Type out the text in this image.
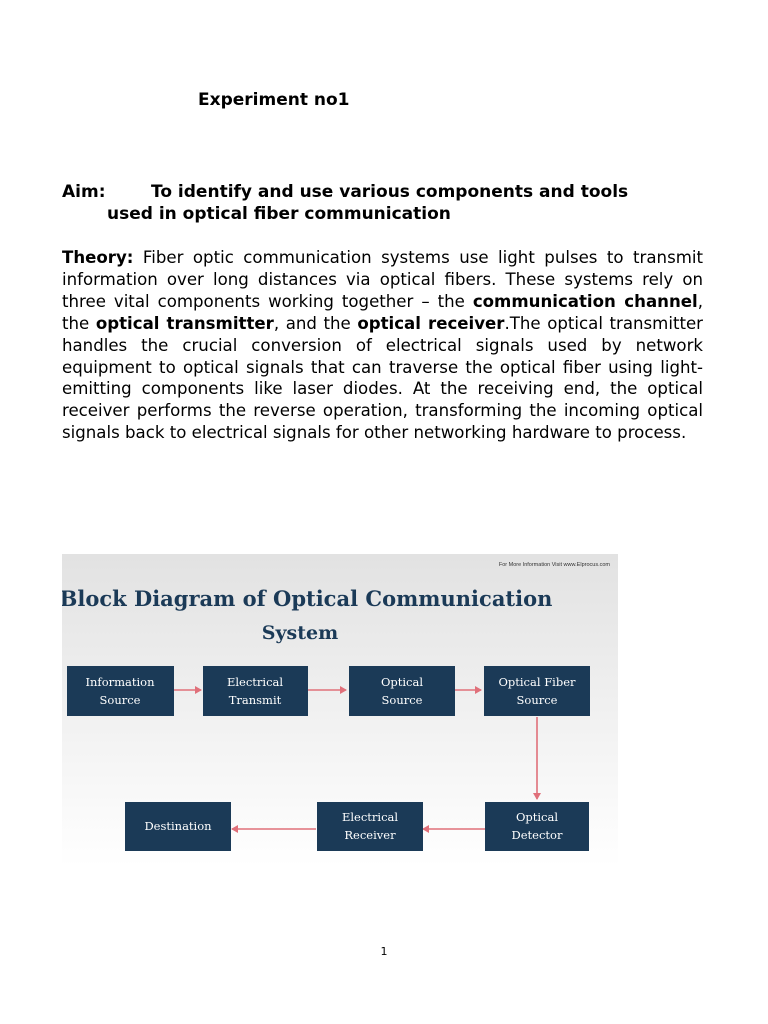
Experiment no1
Aim:	To identify and use various components and tools
used in optical fiber communication

Theory: Fiber optic communication systems use light pulses to transmit information over long distances via optical fibers. These systems rely on three vital components working together – the communication channel, the optical transmitter, and the optical receiver.The optical transmitter handles the crucial conversion of electrical signals used by network equipment to optical signals that can traverse the optical fiber using light-emitting components like laser diodes. At the receiving end, the optical receiver performs the reverse operation, transforming the incoming optical signals back to electrical signals for other networking hardware to process.

For More Information Visit www.Elprocus.com
Block Diagram of Optical Communication
System
Information
Source
Electrical
Transmit
Optical
Source
Optical Fiber
Source
Optical
Detector
Electrical
Receiver
Destination
1
